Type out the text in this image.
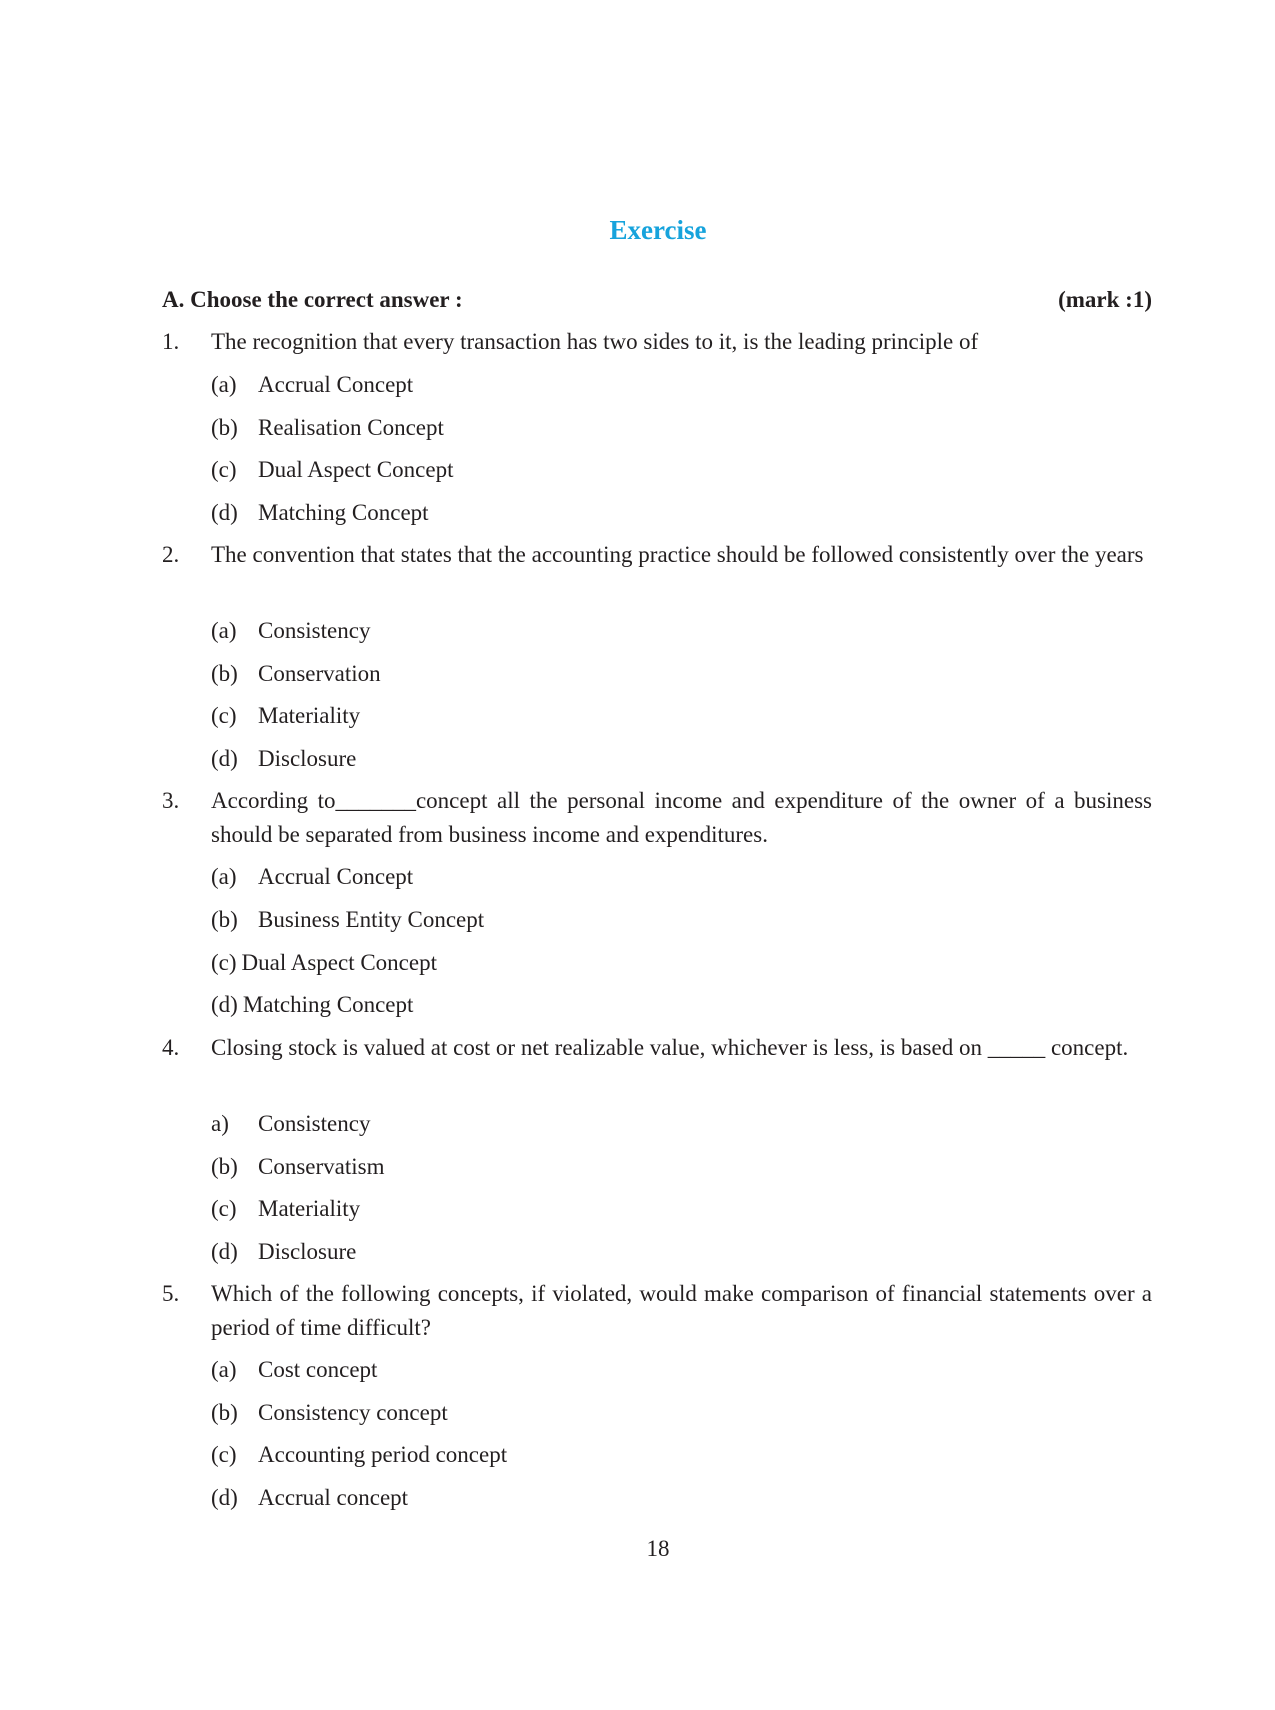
Exercise
A. Choose the correct answer :	(mark :1)
1.	The recognition that every transaction has two sides to it, is the leading principle of
(a) Accrual Concept
(b) Realisation Concept
(c) Dual Aspect Concept
(d) Matching Concept
2.	The convention that states that the accounting practice should be followed consistently over the years
(a) Consistency
(b) Conservation
(c) Materiality
(d) Disclosure
3.	According to_______concept all the personal income and expenditure of the owner of a business should be separated from business income and expenditures.
(a) Accrual Concept
(b) Business Entity Concept
(c) Dual Aspect Concept
(d) Matching Concept
4.	Closing stock is valued at cost or net realizable value, whichever is less, is based on _____ concept.
a) Consistency
(b) Conservatism
(c) Materiality
(d) Disclosure
5.	Which of the following concepts, if violated, would make comparison of financial statements over a period of time difficult?
(a) Cost concept
(b) Consistency concept
(c) Accounting period concept
(d) Accrual concept
18
